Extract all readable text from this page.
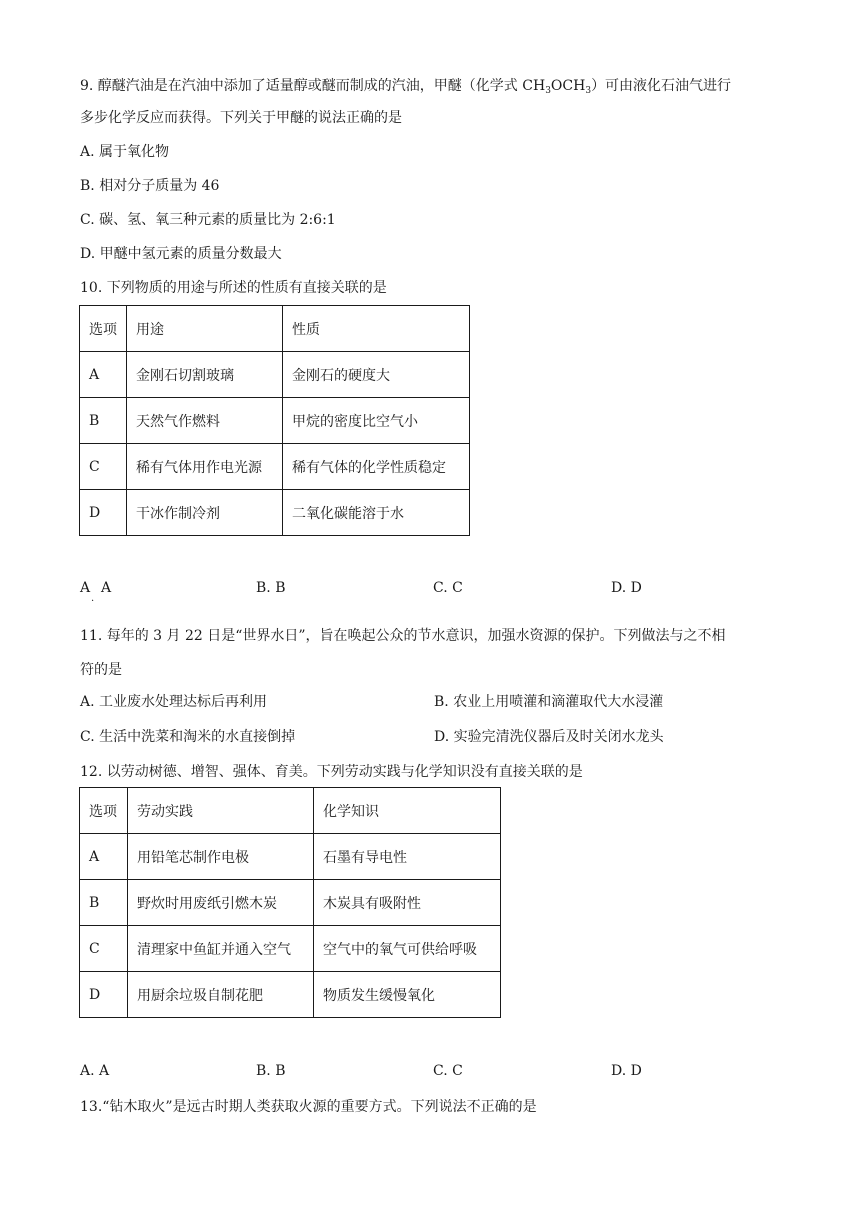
9. 醇醚汽油是在汽油中添加了适量醇或醚而制成的汽油，甲醚（化学式 $CH_3OCH_3$）可由液化石油气进行
多步化学反应而获得。下列关于甲醚的说法正确的是
A. 属于氧化物
B. 相对分子质量为 46
C. 碳、氢、氧三种元素的质量比为 2:6:1
D. 甲醚中氢元素的质量分数最大
10. 下列物质的用途与所述的性质有直接关联的是
选项	用途	性质
A	金刚石切割玻璃	金刚石的硬度大
B	天然气作燃料	甲烷的密度比空气小
C	稀有气体用作电光源	稀有气体的化学性质稳定
D	干冰作制冷剂	二氧化碳能溶于水
A
.
A	B. B	C. C	D. D
11. 每年的 3 月 22 日是“世界水日”，旨在唤起公众的节水意识，加强水资源的保护。下列做法与之不相
符的是
A. 工业废水处理达标后再利用	B. 农业上用喷灌和滴灌取代大水浸灌
C. 生活中洗菜和淘米的水直接倒掉	D. 实验完清洗仪器后及时关闭水龙头
12. 以劳动树德、增智、强体、育美。下列劳动实践与化学知识没有直接关联的是
选项	劳动实践	化学知识
A	用铅笔芯制作电极	石墨有导电性
B	野炊时用废纸引燃木炭	木炭具有吸附性
C	清理家中鱼缸并通入空气	空气中的氧气可供给呼吸
D	用厨余垃圾自制花肥	物质发生缓慢氧化
A. A	B. B	C. C	D. D
13.“钻木取火”是远古时期人类获取火源的重要方式。下列说法不正确的是
